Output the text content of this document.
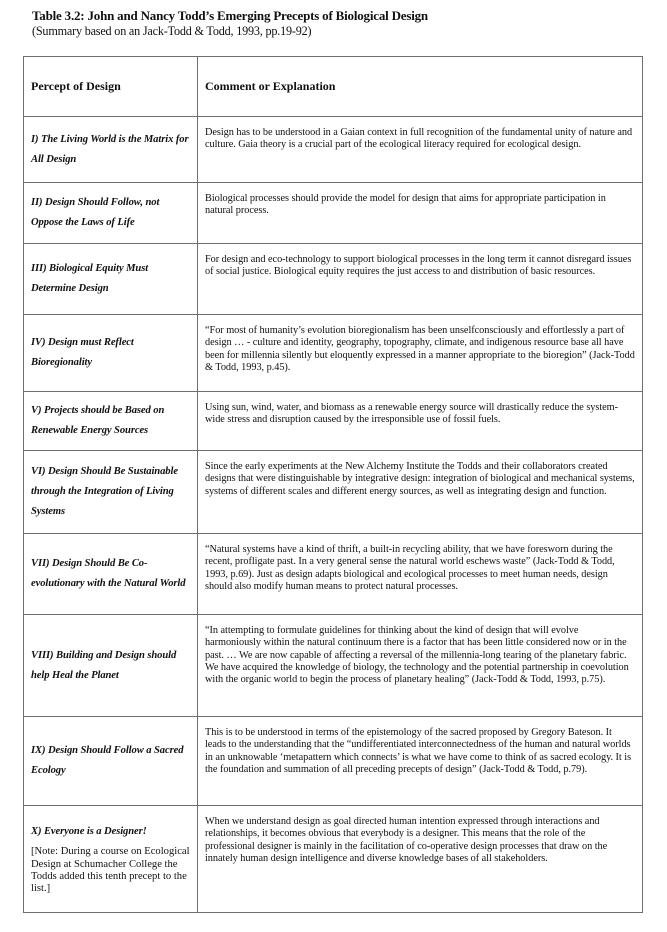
Table 3.2: John and Nancy Todd’s Emerging Precepts of Biological Design
(Summary based on an Jack-Todd & Todd, 1993, pp.19-92)
Percept of Design	Comment or Explanation
I) The Living World is the Matrix for All Design	Design has to be understood in a Gaian context in full recognition of the fundamental unity of nature and culture. Gaia theory is a crucial part of the ecological literacy required for ecological design.
II) Design Should Follow, not Oppose the Laws of Life	Biological processes should provide the model for design that aims for appropriate participation in natural process.
III) Biological Equity Must Determine Design	For design and eco-technology to support biological processes in the long term it cannot disregard issues of social justice. Biological equity requires the just access to and distribution of basic resources.
IV) Design must Reflect Bioregionality	“For most of humanity’s evolution bioregionalism has been unselfconsciously and effortlessly a part of design … - culture and identity, geography, topography, climate, and indigenous resource base all have been for millennia silently but eloquently expressed in a manner appropriate to the bioregion” (Jack-Todd & Todd, 1993, p.45).
V) Projects should be Based on Renewable Energy Sources	Using sun, wind, water, and biomass as a renewable energy source will drastically reduce the system-wide stress and disruption caused by the irresponsible use of fossil fuels.
VI) Design Should Be Sustainable through the Integration of Living Systems	Since the early experiments at the New Alchemy Institute the Todds and their collaborators created designs that were distinguishable by integrative design: integration of biological and mechanical systems, systems of different scales and different energy sources, as well as integrating design and function.
VII) Design Should Be Co-evolutionary with the Natural World	“Natural systems have a kind of thrift, a built-in recycling ability, that we have foresworn during the recent, profligate past. In a very general sense the natural world eschews waste” (Jack-Todd & Todd, 1993, p.69). Just as design adapts biological and ecological processes to meet human needs, design should also modify human means to protect natural processes.
VIII) Building and Design should help Heal the Planet	“In attempting to formulate guidelines for thinking about the kind of design that will evolve harmoniously within the natural continuum there is a factor that has been little considered now or in the past. … We are now capable of affecting a reversal of the millennia-long tearing of the planetary fabric. We have acquired the knowledge of biology, the technology and the potential partnership in coevolution with the organic world to begin the process of planetary healing” (Jack-Todd & Todd, 1993, p.75).
IX) Design Should Follow a Sacred Ecology	This is to be understood in terms of the epistemology of the sacred proposed by Gregory Bateson. It leads to the understanding that the “undifferentiated interconnectedness of the human and natural worlds in an unknowable ‘metapattern which connects’ is what we have come to think of as sacred ecology. It is the foundation and summation of all preceding precepts of design” (Jack-Todd & Todd, p.79).

X) Everyone is a Designer!
[Note: During a course on Ecological Design at Schumacher College the Todds added this tenth precept to the list.]	When we understand design as goal directed human intention expressed through interactions and relationships, it becomes obvious that everybody is a designer. This means that the role of the professional designer is mainly in the facilitation of co-operative design processes that draw on the innately human design intelligence and diverse knowledge bases of all stakeholders.
